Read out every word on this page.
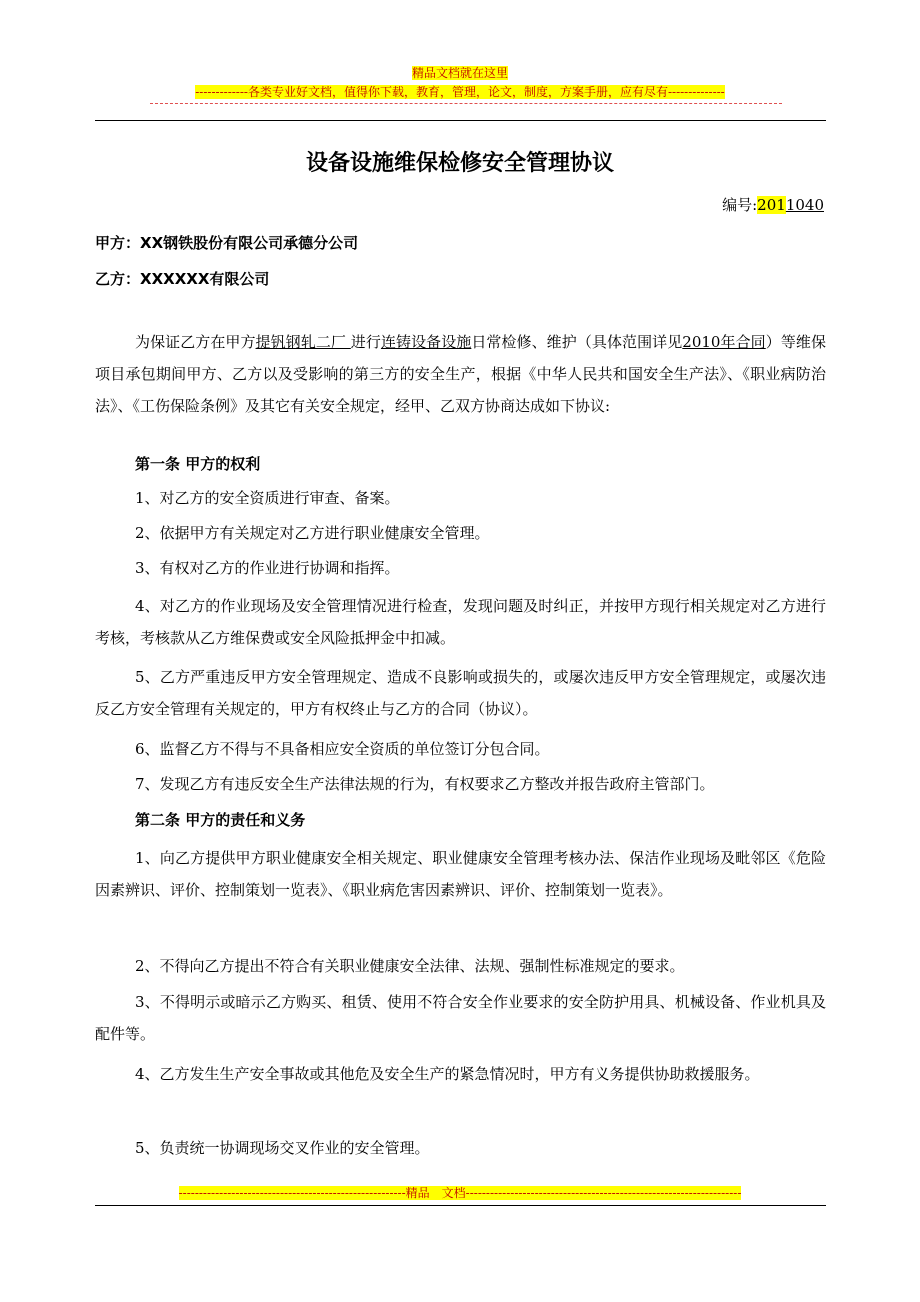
精品文档就在这里
-------------各类专业好文档，值得你下载，教育，管理，论文，制度，方案手册，应有尽有--------------
设备设施维保检修安全管理协议
编号:2011040
甲方：XX钢铁股份有限公司承德分公司
乙方：XXXXXX有限公司
为保证乙方在甲方提钒钢轧二厂 进行连铸设备设施日常检修、维护（具体范围详见2010年合同）等维保项目承包期间甲方、乙方以及受影响的第三方的安全生产，根据《中华人民共和国安全生产法》、《职业病防治法》、《工伤保险条例》及其它有关安全规定，经甲、乙双方协商达成如下协议:
第一条 甲方的权利
1、对乙方的安全资质进行审查、备案。
2、依据甲方有关规定对乙方进行职业健康安全管理。
3、有权对乙方的作业进行协调和指挥。
4、对乙方的作业现场及安全管理情况进行检查，发现问题及时纠正，并按甲方现行相关规定对乙方进行考核，考核款从乙方维保费或安全风险抵押金中扣减。
5、乙方严重违反甲方安全管理规定、造成不良影响或损失的，或屡次违反甲方安全管理规定，或屡次违反乙方安全管理有关规定的，甲方有权终止与乙方的合同（协议）。
6、监督乙方不得与不具备相应安全资质的单位签订分包合同。
7、发现乙方有违反安全生产法律法规的行为，有权要求乙方整改并报告政府主管部门。
第二条 甲方的责任和义务
1、向乙方提供甲方职业健康安全相关规定、职业健康安全管理考核办法、保洁作业现场及毗邻区《危险因素辨识、评价、控制策划一览表》、《职业病危害因素辨识、评价、控制策划一览表》。
2、不得向乙方提出不符合有关职业健康安全法律、法规、强制性标准规定的要求。
3、不得明示或暗示乙方购买、租赁、使用不符合安全作业要求的安全防护用具、机械设备、作业机具及配件等。
4、乙方发生生产安全事故或其他危及安全生产的紧急情况时，甲方有义务提供协助救援服务。
5、负责统一协调现场交叉作业的安全管理。
--------------------------------------------------------精品　文档--------------------------------------------------------------------
